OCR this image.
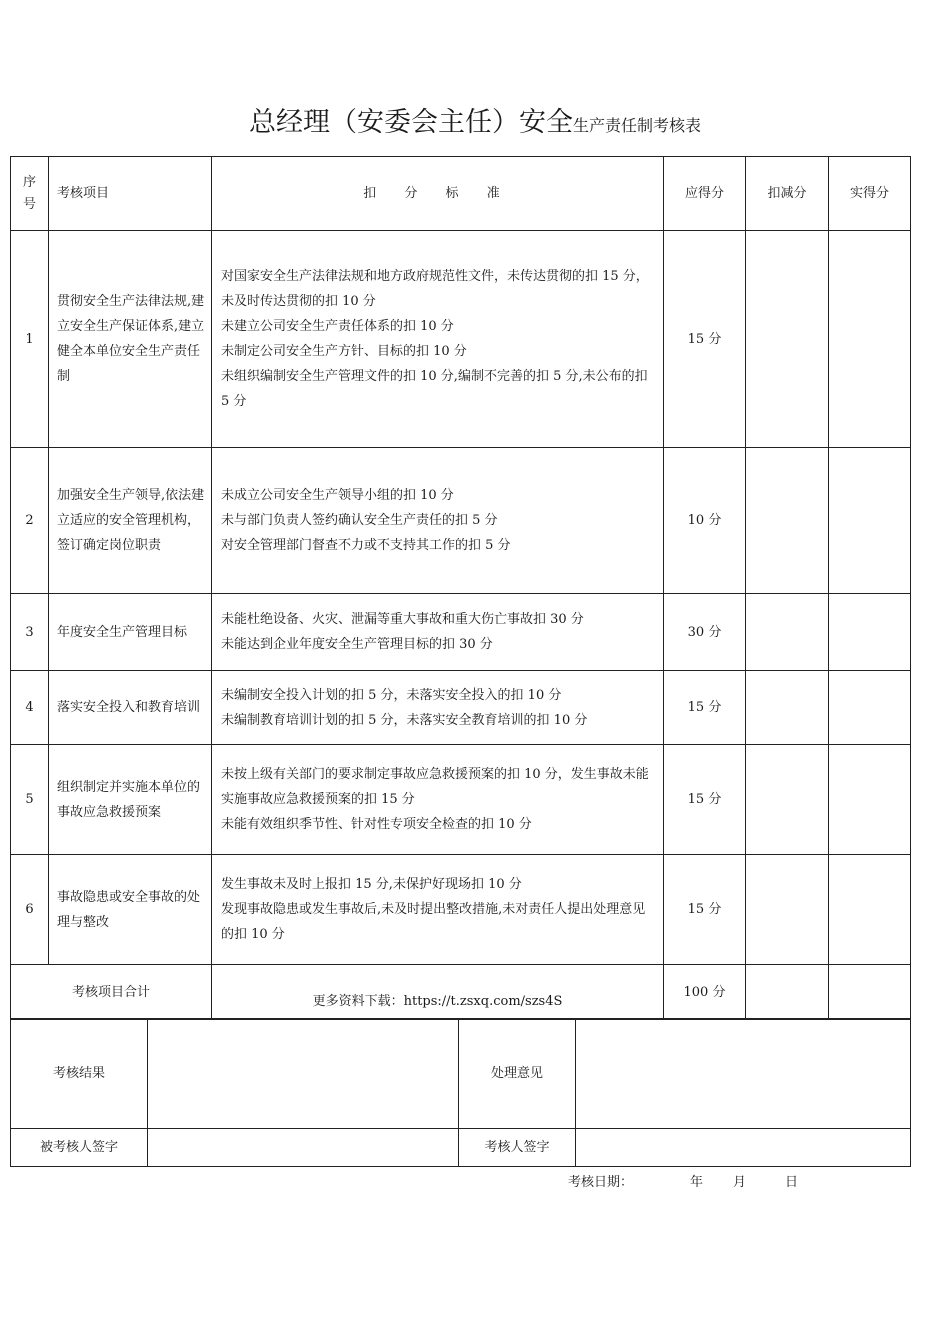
总经理（安委会主任）安全生产责任制考核表
序
号	考核项目	扣 分 标 准	应得分	扣减分	实得分
1	贯彻安全生产法律法规,建立安全生产保证体系,建立健全本单位安全生产责任制	对国家安全生产法律法规和地方政府规范性文件，未传达贯彻的扣 15 分，未及时传达贯彻的扣 10 分
未建立公司安全生产责任体系的扣 10 分
未制定公司安全生产方针、目标的扣 10 分
未组织编制安全生产管理文件的扣 10 分,编制不完善的扣 5 分,未公布的扣 5 分	15 分		
2	加强安全生产领导,依法建立适应的安全管理机构，签订确定岗位职责	未成立公司安全生产领导小组的扣 10 分
未与部门负责人签约确认安全生产责任的扣 5 分
对安全管理部门督查不力或不支持其工作的扣 5 分	10 分		
3	年度安全生产管理目标	未能杜绝设备、火灾、泄漏等重大事故和重大伤亡事故扣 30 分
未能达到企业年度安全生产管理目标的扣 30 分	30 分		
4	落实安全投入和教育培训	未编制安全投入计划的扣 5 分，未落实安全投入的扣 10 分
未编制教育培训计划的扣 5 分，未落实安全教育培训的扣 10 分	15 分		
5	组织制定并实施本单位的事故应急救援预案	未按上级有关部门的要求制定事故应急救援预案的扣 10 分，发生事故未能实施事故应急救援预案的扣 15 分
未能有效组织季节性、针对性专项安全检查的扣 10 分	15 分		
6	事故隐患或安全事故的处理与整改	发生事故未及时上报扣 15 分,未保护好现场扣 10 分
发现事故隐患或发生事故后,未及时提出整改措施,未对责任人提出处理意见的扣 10 分	15 分		
考核项目合计		更多资料下载：https://t.zsxq.com/szs4S	100 分		
考核结果		处理意见	
被考核人签字		考核人签字	
考核日期：	年 月	日
